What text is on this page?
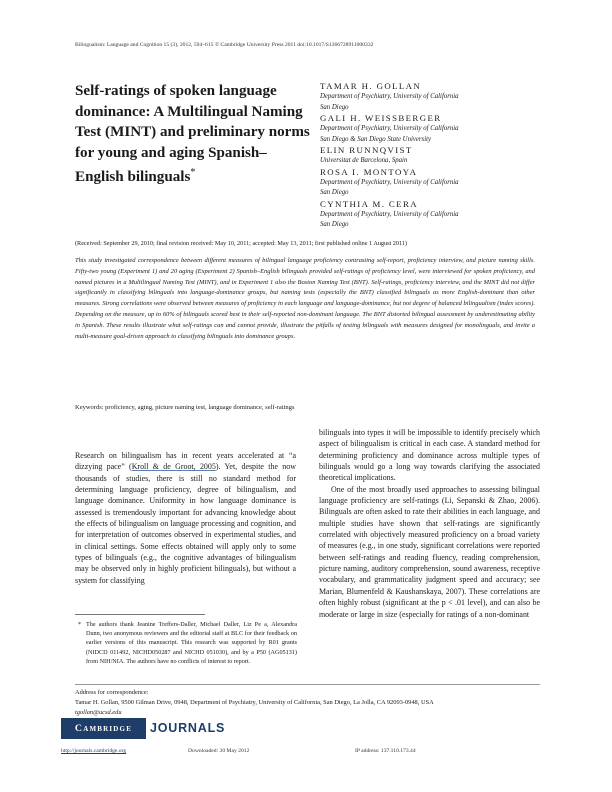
Bilingualism: Language and Cognition 15 (3), 2012, 594–615 © Cambridge University Press 2011 doi:10.1017/S1366728911000332
Self-ratings of spoken language dominance: A Multilingual Naming Test (MINT) and preliminary norms for young and aging Spanish–English bilinguals*
TAMAR H. GOLLAN
Department of Psychiatry, University of California
San Diego
GALI H. WEISSBERGER
Department of Psychiatry, University of California
San Diego & San Diego State University
ELIN RUNNQVIST
Universitat de Barcelona, Spain
ROSA I. MONTOYA
Department of Psychiatry, University of California
San Diego
CYNTHIA M. CERA
Department of Psychiatry, University of California
San Diego
(Received: September 29, 2010; final revision received: May 10, 2011; accepted: May 13, 2011; first published online 1 August 2011)

This study investigated correspondence between different measures of bilingual language proficiency contrasting self-report, proficiency interview, and picture naming skills. Fifty-two young (Experiment 1) and 20 aging (Experiment 2) Spanish–English bilinguals provided self-ratings of proficiency level, were interviewed for spoken proficiency, and named pictures in a Multilingual Naming Test (MINT), and in Experiment 1 also the Boston Naming Test (BNT). Self-ratings, proficiency interview, and the MINT did not differ significantly in classifying bilinguals into language-dominance groups, but naming tests (especially the BNT) classified bilinguals as more English-dominant than other measures. Strong correlations were observed between measures of proficiency in each language and language-dominance, but not degree of balanced bilingualism (index scores). Depending on the measure, up to 60% of bilinguals scored best in their self-reported non-dominant language. The BNT distorted bilingual assessment by underestimating ability in Spanish. These results illustrate what self-ratings can and cannot provide, illustrate the pitfalls of testing bilinguals with measures designed for monolinguals, and invite a multi-measure goal-driven approach to classifying bilinguals into dominance groups.

Keywords: proficiency, aging, picture naming test, language dominance, self-ratings

Research on bilingualism has in recent years accelerated at “a dizzying pace” (Kroll & de Groot, 2005). Yet, despite the now thousands of studies, there is still no standard method for determining language proficiency, degree of bilingualism, and language dominance. Uniformity in how language dominance is assessed is tremendously important for advancing knowledge about the effects of bilingualism on language processing and cognition, and for interpretation of outcomes observed in experimental studies, and in clinical settings. Some effects obtained will apply only to some types of bilinguals (e.g., the cognitive advantages of bilingualism may be observed only in highly proficient bilinguals), but without a system for classifying

bilinguals into types it will be impossible to identify precisely which aspect of bilingualism is critical in each case. A standard method for determining proficiency and dominance across multiple types of bilinguals would go a long way towards clarifying the associated theoretical implications.

One of the most broadly used approaches to assessing bilingual language proficiency are self-ratings (Li, Sepanski & Zhao, 2006). Bilinguals are often asked to rate their abilities in each language, and multiple studies have shown that self-ratings are significantly correlated with objectively measured proficiency on a broad variety of measures (e.g., in one study, significant correlations were reported between self-ratings and reading fluency, reading comprehension, picture naming, auditory comprehension, sound awareness, receptive vocabulary, and grammaticality judgment speed and accuracy; see Marian, Blumenfeld & Kaushanskaya, 2007). These correlations are often highly robust (significant at the p < .01 level), and can also be moderate or large in size (especially for ratings of a non-dominant

* The authors thank Jeanine Treffers-Daller, Michael Daller, Liz Pe a, Alexandra Dunn, two anonymous reviewers and the editorial staff at BLC for their feedback on earlier versions of this manuscript. This research was supported by R01 grants (NIDCD 011492, NICHD050287 and NICHD 051030), and by a P50 (AG05131) from NIH/NIA. The authors have no conflicts of interest to report.

Address for correspondence:
Tamar H. Gollan, 9500 Gilman Drive, 0948, Department of Psychiatry, University of California, San Diego, La Jolla, CA 92093-0948, USA
tgollan@ucsd.edu
Cambridge	JOURNALS
http://journals.cambridge.org	Downloaded: 30 May 2012	IP address: 137.110.173.44
